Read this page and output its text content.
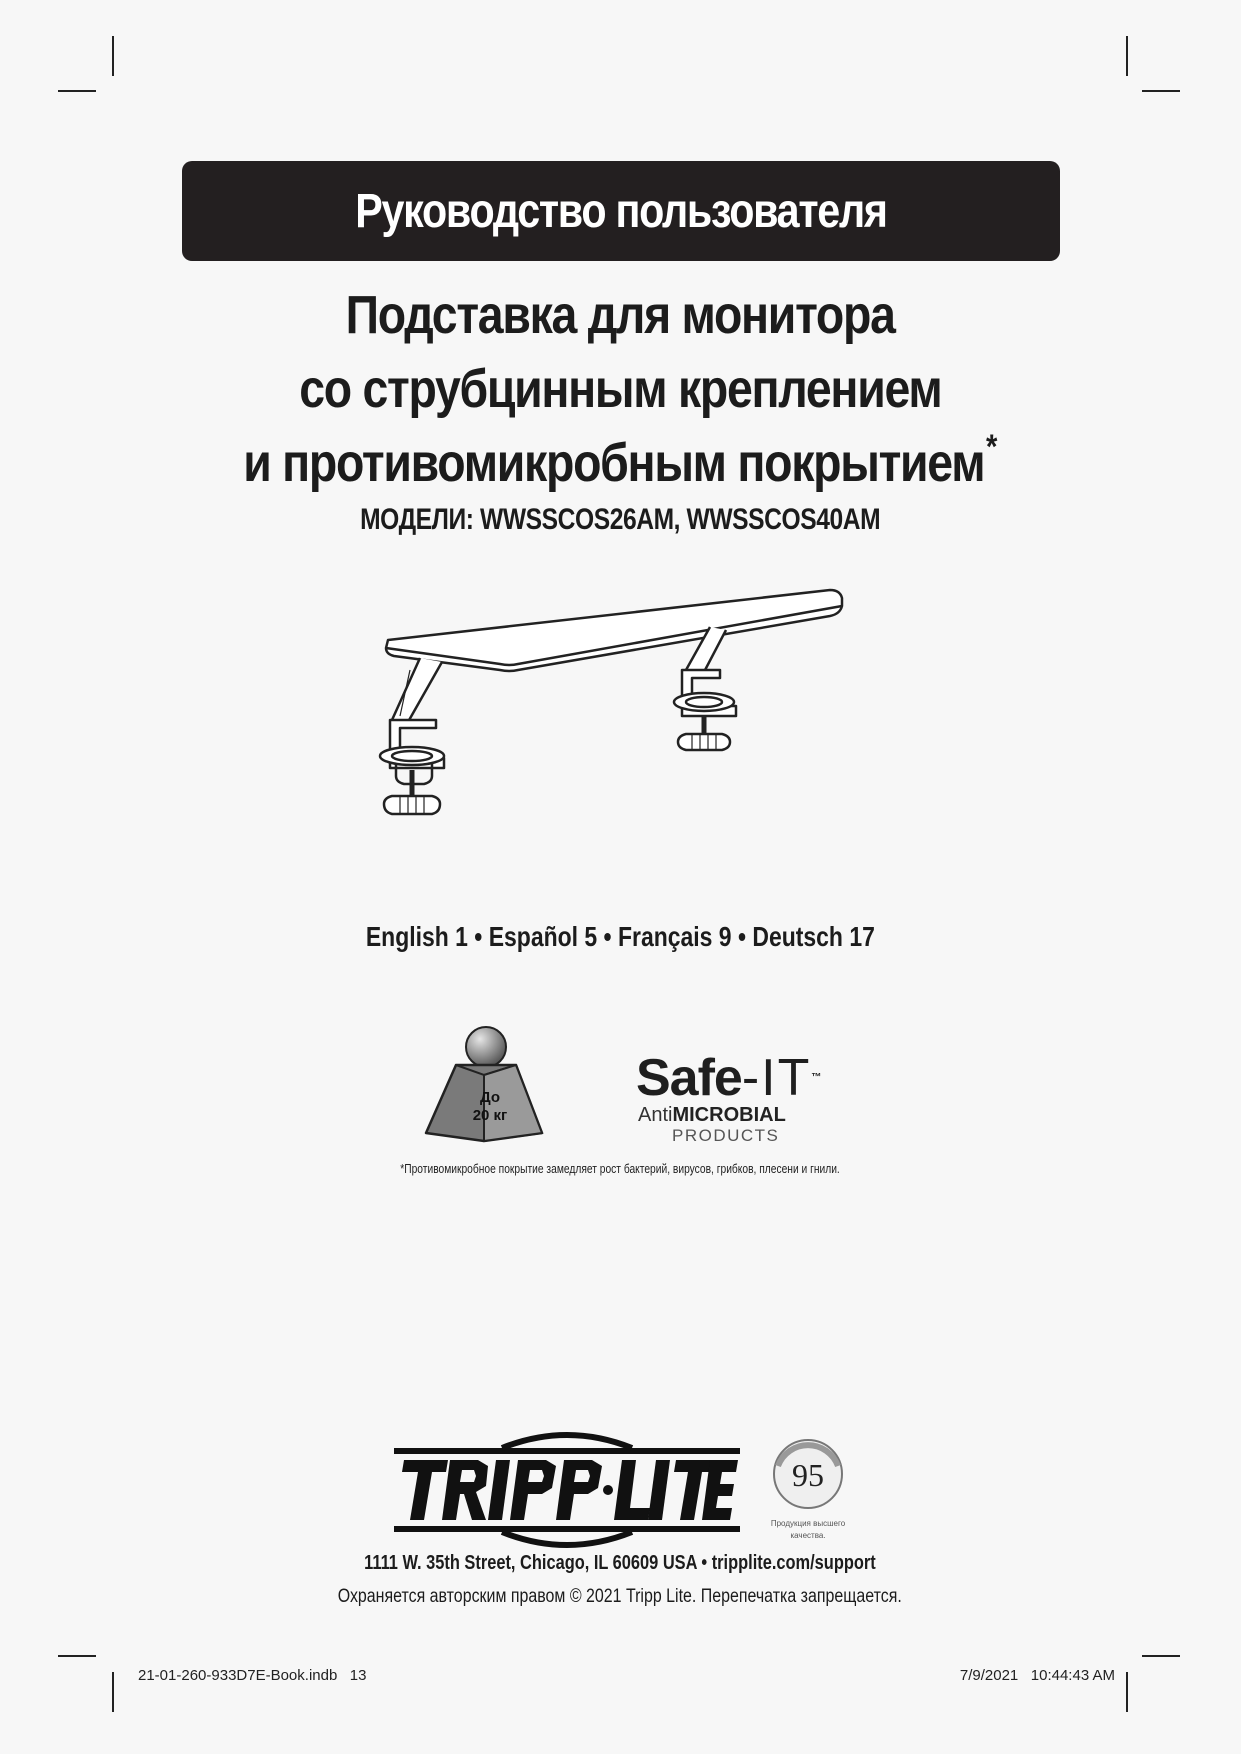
Руководство пользователя
Подставка для монитора
со струбцинным креплением
и противомикробным покрытием*
МОДЕЛИ: WWSSCOS26AM, WWSSCOS40AM
English 1 • Español 5 • Français 9 • Deutsch 17
До
20 кг
Safe-IT™
AntiMICROBIAL
PRODUCTS
*Противомикробное покрытие замедляет рост бактерий, вирусов, грибков, плесени и гнили.
95
Продукция высшего
качества.
1111 W. 35th Street, Chicago, IL 60609 USA • tripplite.com/support
Охраняется авторским правом © 2021 Tripp Lite. Перепечатка запрещается.
21-01-260-933D7E-Book.indb   13	7/9/2021   10:44:43 AM
